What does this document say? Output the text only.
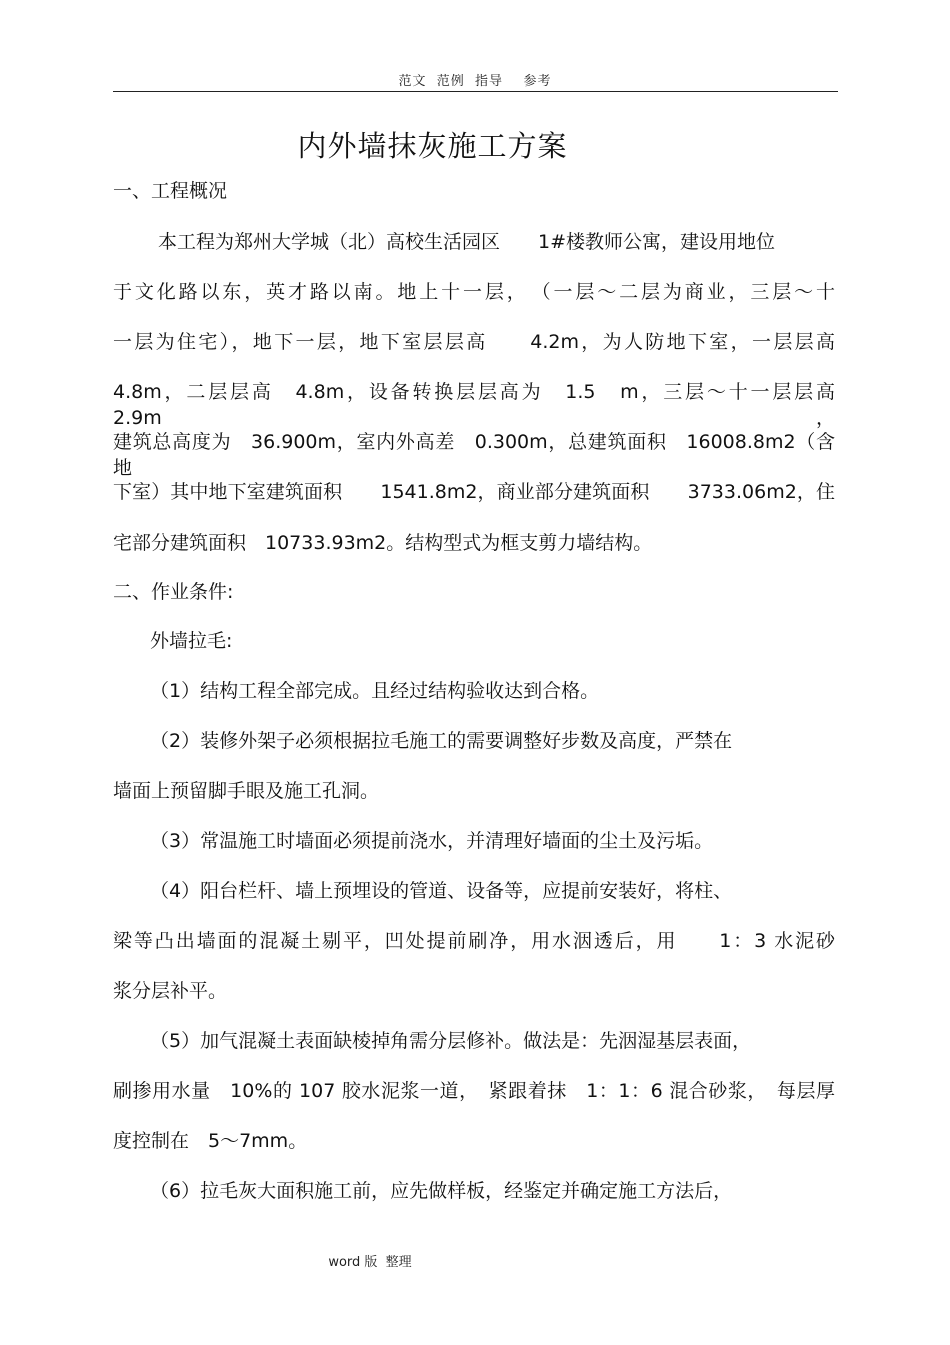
范文  范例  指导    参考
内外墙抹灰施工方案
一、工程概况
本工程为郑州大学城（北）高校生活园区　　1#楼教师公寓，建设用地位
于文化路以东，英才路以南。地上十一层，　（一层～二层为商业，三层～十
一层为住宅），地下一层，地下室层层高　　4.2m，为人防地下室，一层层高
4.8m，二层层高　4.8m，设备转换层层高为　1.5　m，三层～十一层层高　2.9m，
建筑总高度为　36.900m，室内外高差　0.300m，总建筑面积　16008.8m2（含地
下室）其中地下室建筑面积　　1541.8m2，商业部分建筑面积　　3733.06m2，住
宅部分建筑面积　10733.93m2。结构型式为框支剪力墙结构。
二、作业条件:
外墙拉毛:
（1）结构工程全部完成。且经过结构验收达到合格。
（2）装修外架子必须根据拉毛施工的需要调整好步数及高度，严禁在
墙面上预留脚手眼及施工孔洞。
（3）常温施工时墙面必须提前浇水，并清理好墙面的尘土及污垢。
（4）阳台栏杆、墙上预埋设的管道、设备等，应提前安装好，将柱、
梁等凸出墙面的混凝土剔平，凹处提前刷净，用水洇透后，用　　1：3 水泥砂
浆分层补平。
（5）加气混凝土表面缺棱掉角需分层修补。做法是：先洇湿基层表面，
刷掺用水量　10%的 107 胶水泥浆一道，　紧跟着抹　1：1：6 混合砂浆，　每层厚
度控制在　5～7mm。
（6）拉毛灰大面积施工前，应先做样板，经鉴定并确定施工方法后，
word 版  整理
